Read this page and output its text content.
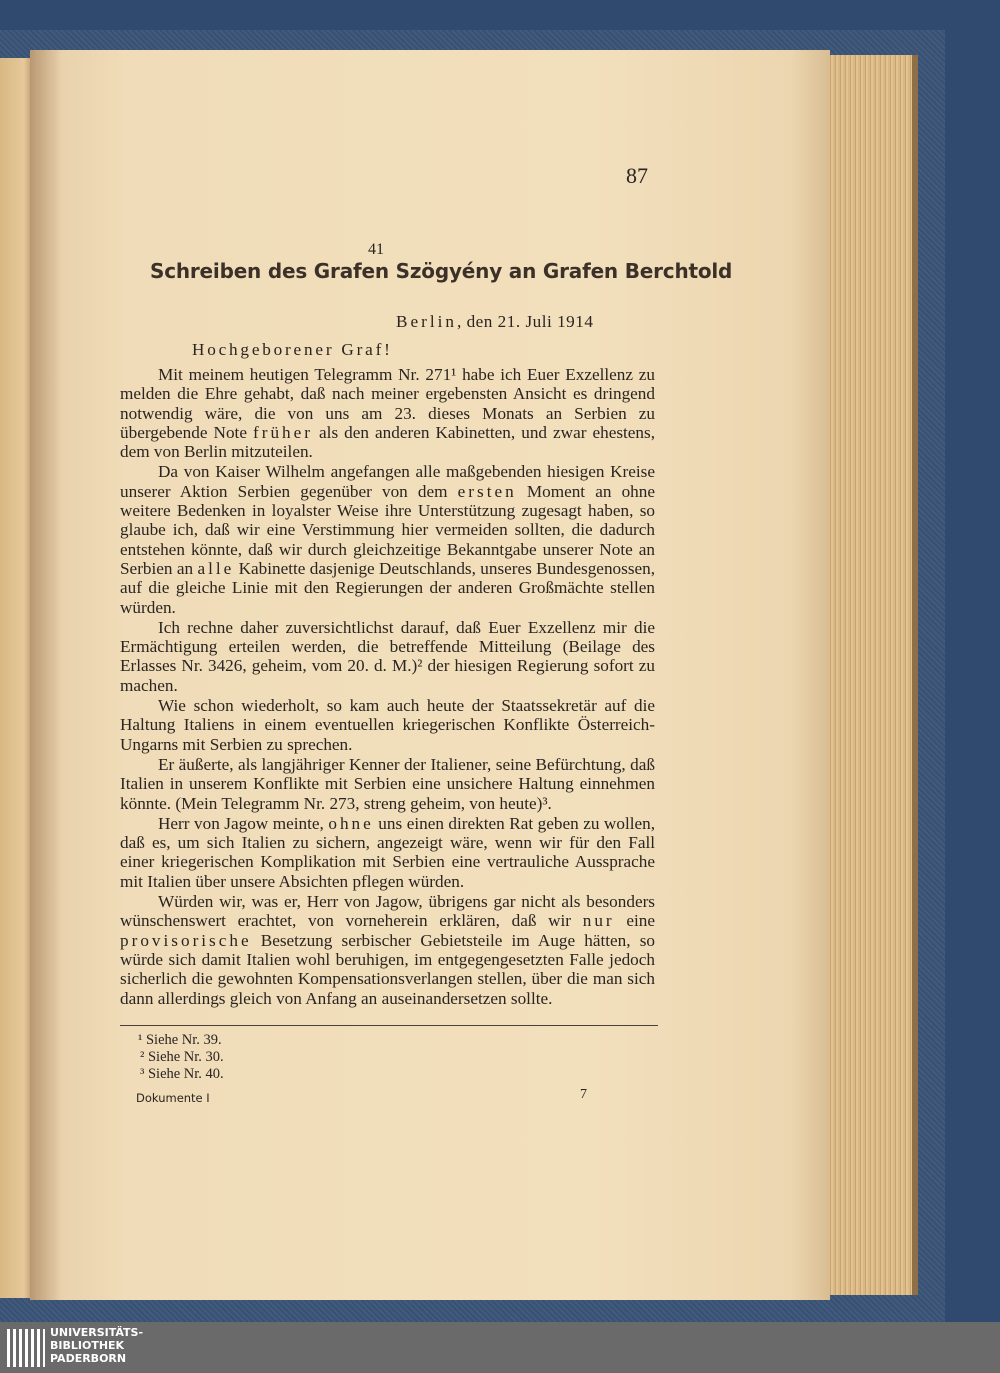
87
41
Schreiben des Grafen Szögyény an Grafen Berchtold
Berlin, den 21. Juli 1914
Hochgeborener Graf!

Mit meinem heutigen Telegramm Nr. 271¹ habe ich Euer Exzellenz zu melden die Ehre gehabt, daß nach meiner ergebensten Ansicht es dringend notwendig wäre, die von uns am 23. dieses Monats an Serbien zu übergebende Note früher als den anderen Kabinetten, und zwar ehestens, dem von Berlin mitzuteilen.

Da von Kaiser Wilhelm angefangen alle maßgebenden hiesigen Kreise unserer Aktion Serbien gegenüber von dem ersten Moment an ohne weitere Bedenken in loyalster Weise ihre Unterstützung zugesagt haben, so glaube ich, daß wir eine Verstimmung hier vermeiden sollten, die dadurch entstehen könnte, daß wir durch gleichzeitige Bekanntgabe unserer Note an Serbien an alle Kabinette dasjenige Deutschlands, unseres Bundesgenossen, auf die gleiche Linie mit den Regierungen der anderen Großmächte stellen würden.

Ich rechne daher zuversichtlichst darauf, daß Euer Exzellenz mir die Ermächtigung erteilen werden, die betreffende Mitteilung (Beilage des Erlasses Nr. 3426, geheim, vom 20. d. M.)² der hiesigen Regierung sofort zu machen.

Wie schon wiederholt, so kam auch heute der Staatssekretär auf die Haltung Italiens in einem eventuellen kriegerischen Konflikte Österreich-Ungarns mit Serbien zu sprechen.

Er äußerte, als langjähriger Kenner der Italiener, seine Befürchtung, daß Italien in unserem Konflikte mit Serbien eine unsichere Haltung einnehmen könnte. (Mein Telegramm Nr. 273, streng geheim, von heute)³.

Herr von Jagow meinte, ohne uns einen direkten Rat geben zu wollen, daß es, um sich Italien zu sichern, angezeigt wäre, wenn wir für den Fall einer kriegerischen Komplikation mit Serbien eine vertrauliche Aussprache mit Italien über unsere Absichten pflegen würden.

Würden wir, was er, Herr von Jagow, übrigens gar nicht als besonders wünschenswert erachtet, von vorneherein erklären, daß wir nur eine provisorische Besetzung serbischer Gebietsteile im Auge hätten, so würde sich damit Italien wohl beruhigen, im entgegengesetzten Falle jedoch sicherlich die gewohnten Kompensationsverlangen stellen, über die man sich dann allerdings gleich von Anfang an auseinandersetzen sollte.

¹ Siehe Nr. 39.
² Siehe Nr. 30.
³ Siehe Nr. 40.
Dokumente I	7
UNIVERSITÄTS-
BIBLIOTHEK
PADERBORN
